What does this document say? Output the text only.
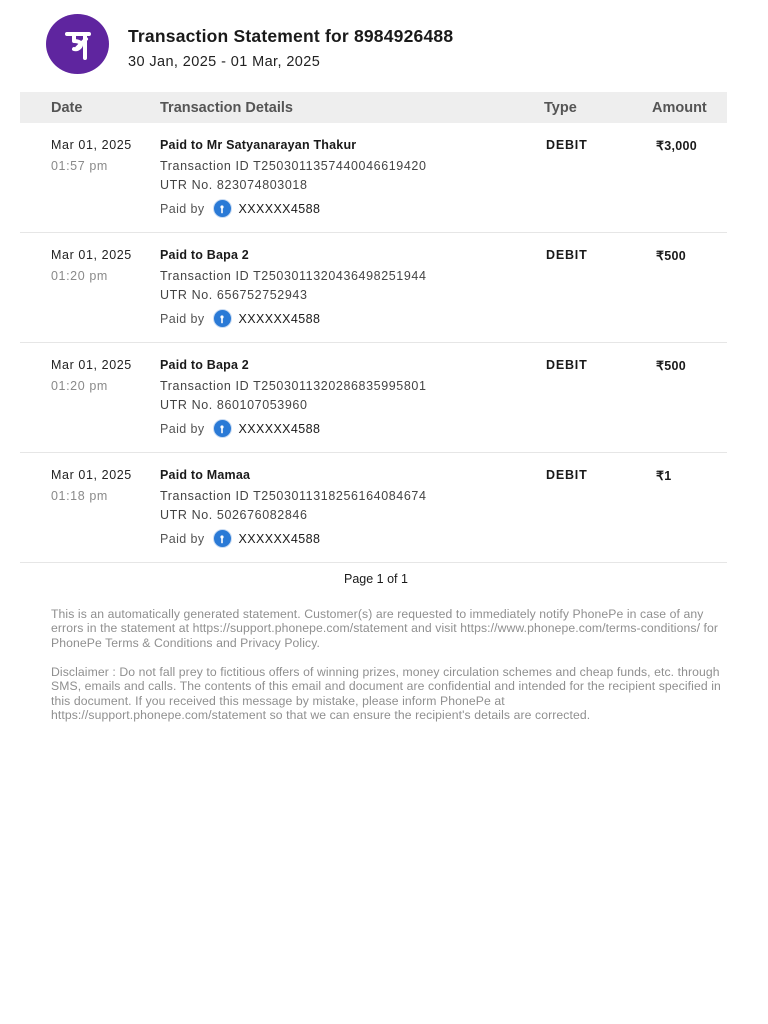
Transaction Statement for 8984926488
30 Jan, 2025 - 01 Mar, 2025
Date	Transaction Details	Type	Amount
Mar 01, 2025
01:57 pm
Paid to Mr Satyanarayan Thakur
Transaction ID T2503011357440046619420
UTR No. 823074803018
Paid by	XXXXXX4588
DEBIT	₹3,000
Mar 01, 2025
01:20 pm
Paid to Bapa 2
Transaction ID T2503011320436498251944
UTR No. 656752752943
Paid by	XXXXXX4588
DEBIT	₹500
Mar 01, 2025
01:20 pm
Paid to Bapa 2
Transaction ID T2503011320286835995801
UTR No. 860107053960
Paid by	XXXXXX4588
DEBIT	₹500
Mar 01, 2025
01:18 pm
Paid to Mamaa
Transaction ID T2503011318256164084674
UTR No. 502676082846
Paid by	XXXXXX4588
DEBIT	₹1
Page 1 of 1
This is an automatically generated statement. Customer(s) are requested to immediately notify PhonePe in case of any errors in the statement at https://support.phonepe.com/statement and visit https://www.phonepe.com/terms-conditions/ for PhonePe Terms & Conditions and Privacy Policy.
Disclaimer : Do not fall prey to fictitious offers of winning prizes, money circulation schemes and cheap funds, etc. through SMS, emails and calls. The contents of this email and document are confidential and intended for the recipient specified in this document. If you received this message by mistake, please inform PhonePe at https://support.phonepe.com/statement so that we can ensure the recipient's details are corrected.
